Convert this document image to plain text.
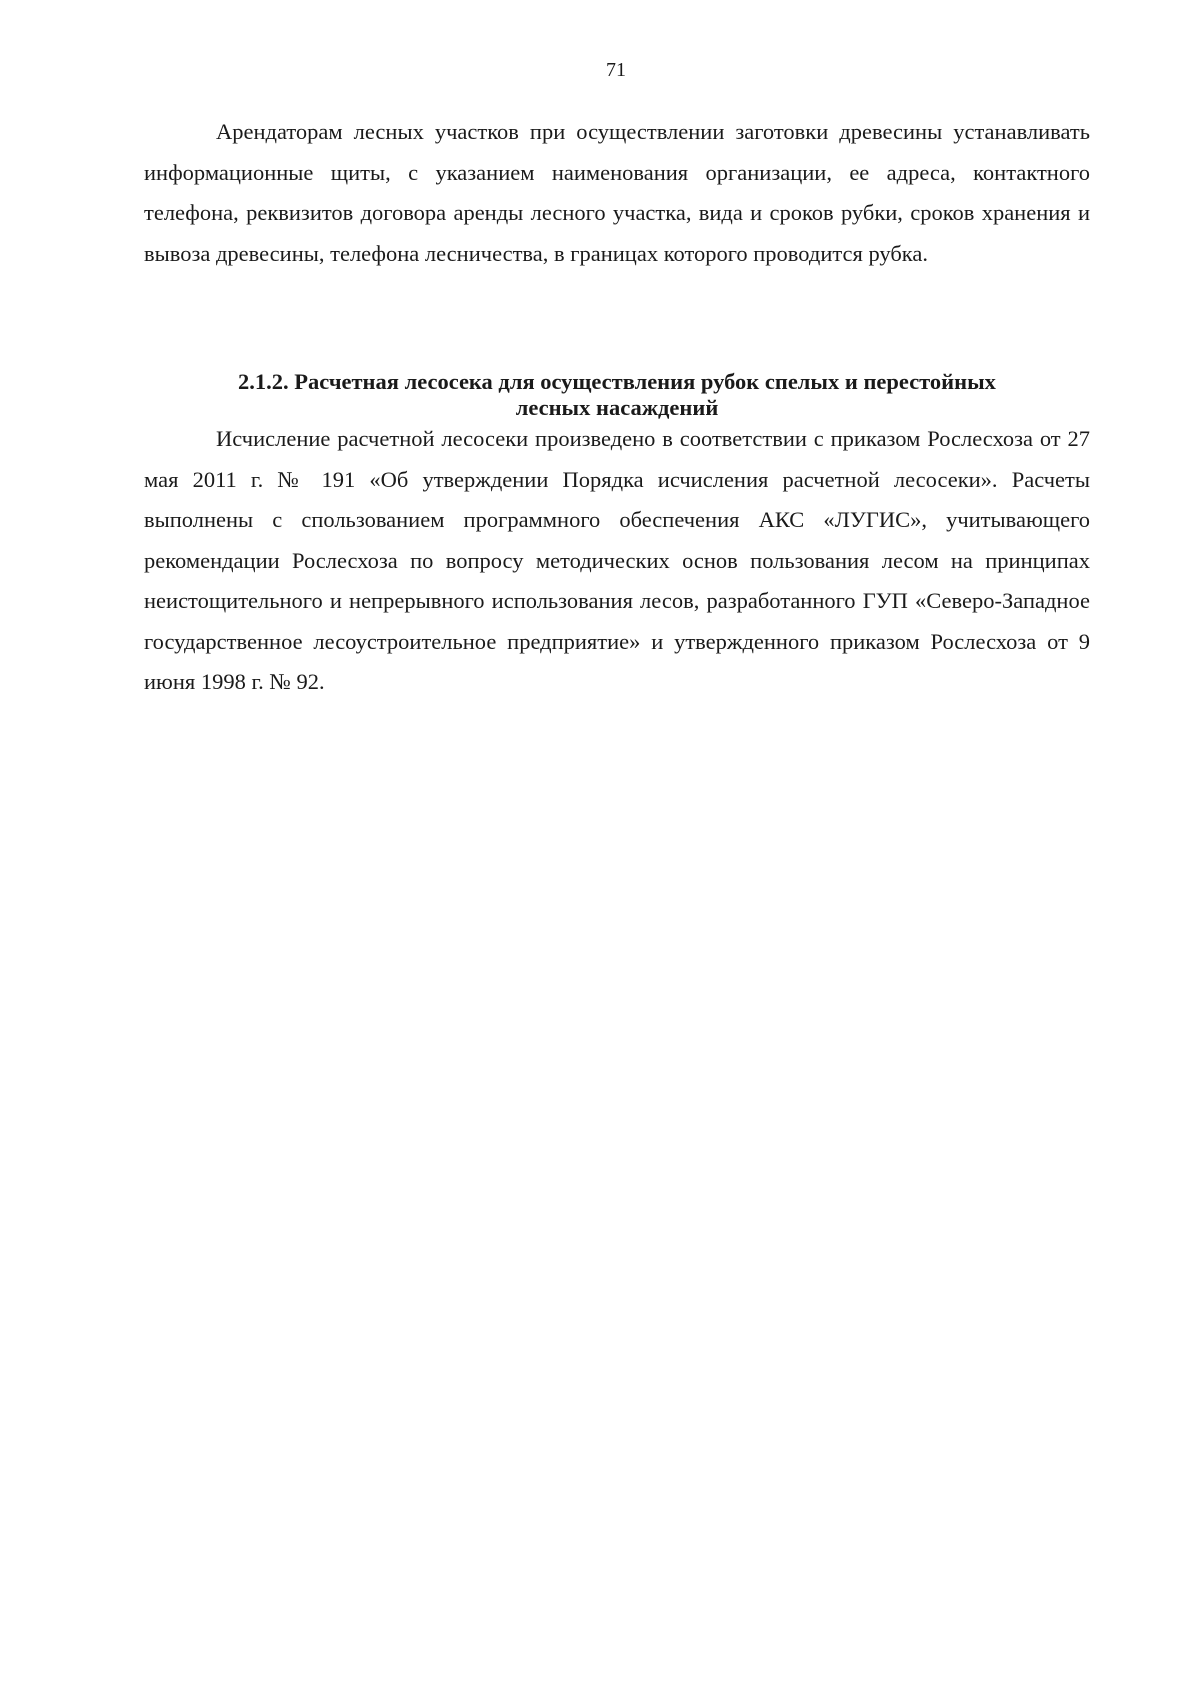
71

Арендаторам лесных участков при осуществлении заготовки древесины устанавливать информационные щиты, с указанием наименования организации, ее адреса, контактного телефона, реквизитов договора аренды лесного участка, вида и сроков рубки, сроков хранения и вывоза древесины, телефона лесничества, в границах которого проводится рубка.

2.1.2. Расчетная лесосека для осуществления рубок спелых и перестойных
лесных насаждений

Исчисление расчетной лесосеки произведено в соответствии с приказом Рослесхоза от 27 мая 2011 г. № 191 «Об утверждении Порядка исчисления расчетной лесосеки». Расчеты выполнены с спользованием программного обеспечения АКС «ЛУГИС», учитывающего рекомендации Рослесхоза по вопросу методических основ пользования лесом на принципах неистощительного и непрерывного использования лесов, разработанного ГУП «Северо-Западное государственное лесоустроительное предприятие» и утвержденного приказом Рослесхоза от 9 июня 1998 г. № 92.
